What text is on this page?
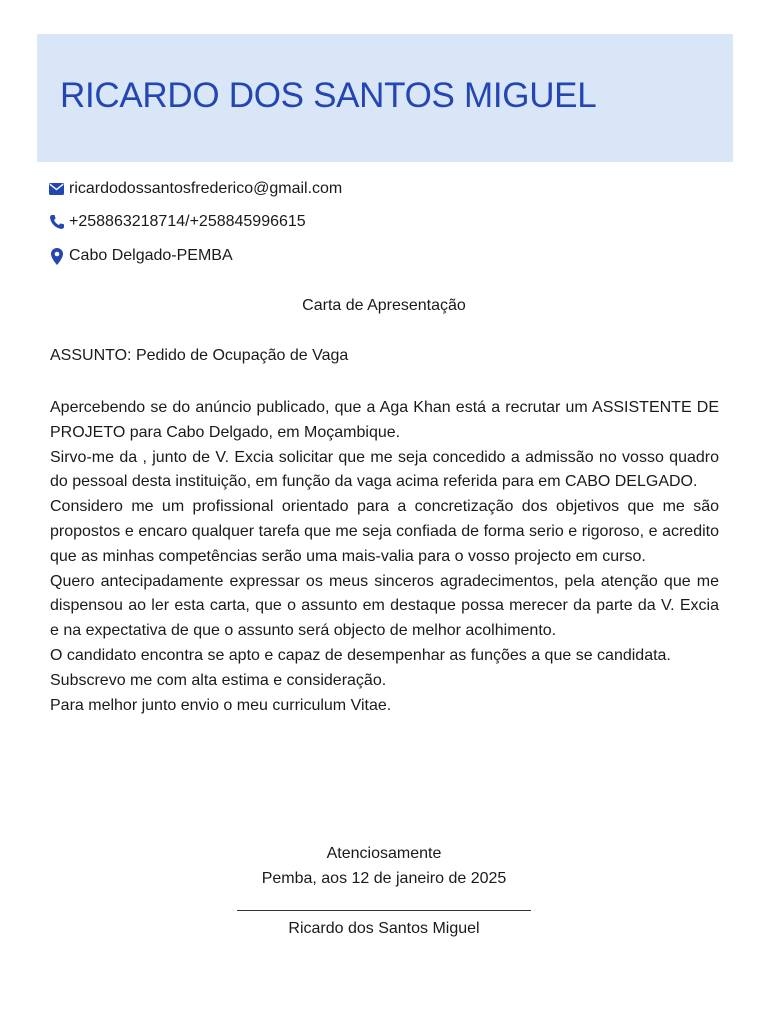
RICARDO DOS SANTOS MIGUEL
ricardodossantosfrederico@gmail.com
+258863218714/+258845996615
Cabo Delgado-PEMBA
Carta de Apresentação
ASSUNTO: Pedido de Ocupação de Vaga

Apercebendo se do anúncio publicado, que a Aga Khan está a recrutar um ASSISTENTE DE PROJETO para Cabo Delgado, em Moçambique.

Sirvo-me da , junto de V. Excia solicitar que me seja concedido a admissão no vosso quadro do pessoal desta instituição, em função da vaga acima referida para em CABO DELGADO.

Considero me um profissional orientado para a concretização dos objetivos que me são propostos e encaro qualquer tarefa que me seja confiada de forma serio e rigoroso, e acredito que as minhas competências serão uma mais-valia para o vosso projecto em curso.

Quero antecipadamente expressar os meus sinceros agradecimentos, pela atenção que me dispensou ao ler esta carta, que o assunto em destaque possa merecer da parte da V. Excia e na expectativa de que o assunto será objecto de melhor acolhimento.

O candidato encontra se apto e capaz de desempenhar as funções a que se candidata.

Subscrevo me com alta estima e consideração.

Para melhor junto envio o meu curriculum Vitae.

Atenciosamente
Pemba, aos 12 de janeiro de 2025
Ricardo dos Santos Miguel
